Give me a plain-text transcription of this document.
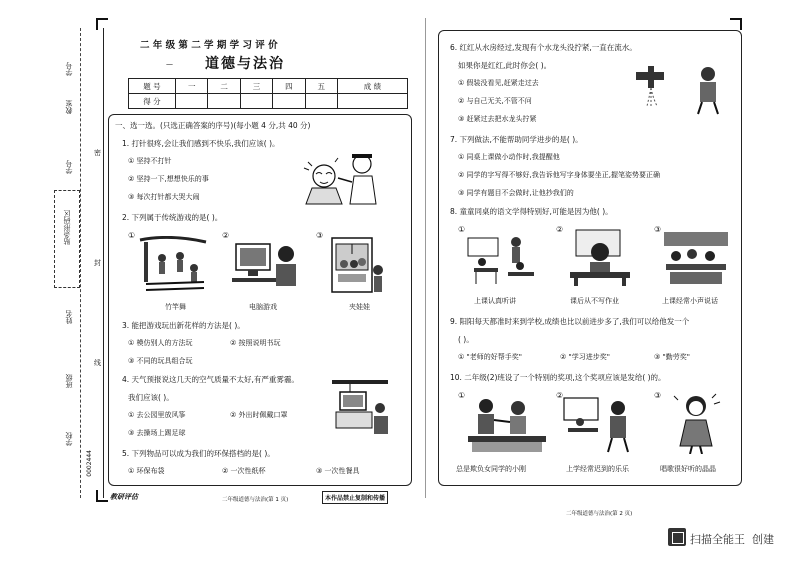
学号
教室
学号
贴条形码区
姓名
班级
学校
0002444
密
封
线
—
二 年 级 第 二 学 期 学 习 评 价
道德与法治
题 号	一	二	三	四	五	成 绩
得 分						
一、选一选。(只选正确答案的序号)(每小题 4 分,共 40 分)
1. 打针很疼,会让我们感到不快乐,我们应该( )。
① 坚持不打针
② 坚持一下,想想快乐的事
③ 每次打针都大哭大闹
2. 下列属于传统游戏的是( )。
①	②	③
竹竿舞	电脑游戏	夹娃娃
3. 能把游戏玩出新花样的方法是( )。
① 模仿别人的方法玩	② 按照说明书玩
③ 不同的玩具组合玩
4. 天气预报说这几天的空气质量不太好,有严重雾霾。
我们应该( )。
① 去公园里放风筝	② 外出时佩戴口罩
③ 去操场上踢足球
5. 下列物品可以成为我们的环保搭档的是( )。
① 环保布袋	② 一次性纸杯	③ 一次性餐具
6. 红红从水房经过,发现有个水龙头没拧紧,一直在流水。
如果你是红红,此时你会( )。
① 假装没看见,赶紧走过去
② 与自己无关,不管不问
③ 赶紧过去把水龙头拧紧
7. 下列做法,不能帮助同学进步的是( )。
① 同桌上课做小动作时,我提醒他
② 同学的字写得不够好,我告诉他写字身体要坐正,握笔姿势要正确
③ 同学有题目不会做时,让他抄我们的
8. 童童同桌的语文学得特别好,可能是因为他( )。
①	②	③
上课认真听讲	课后从不写作业	上课经常小声说话
9. 阳阳每天都准时来到学校,成绩也比以前进步多了,我们可以给他发一个
( )。
① "老师的好帮手奖"	② "学习进步奖"	③ "勤劳奖"
10. 二年级(2)班设了一个特别的奖项,这个奖项应该是发给( )的。
①	②	③
总是欺负女同学的小刚	上学经常迟到的乐乐	唱歌很好听的晶晶
教研评估	二年级道德与法治(第 1 页)	本作品禁止复制和传播
二年级道德与法治(第 2 页)
扫描全能王 创建
